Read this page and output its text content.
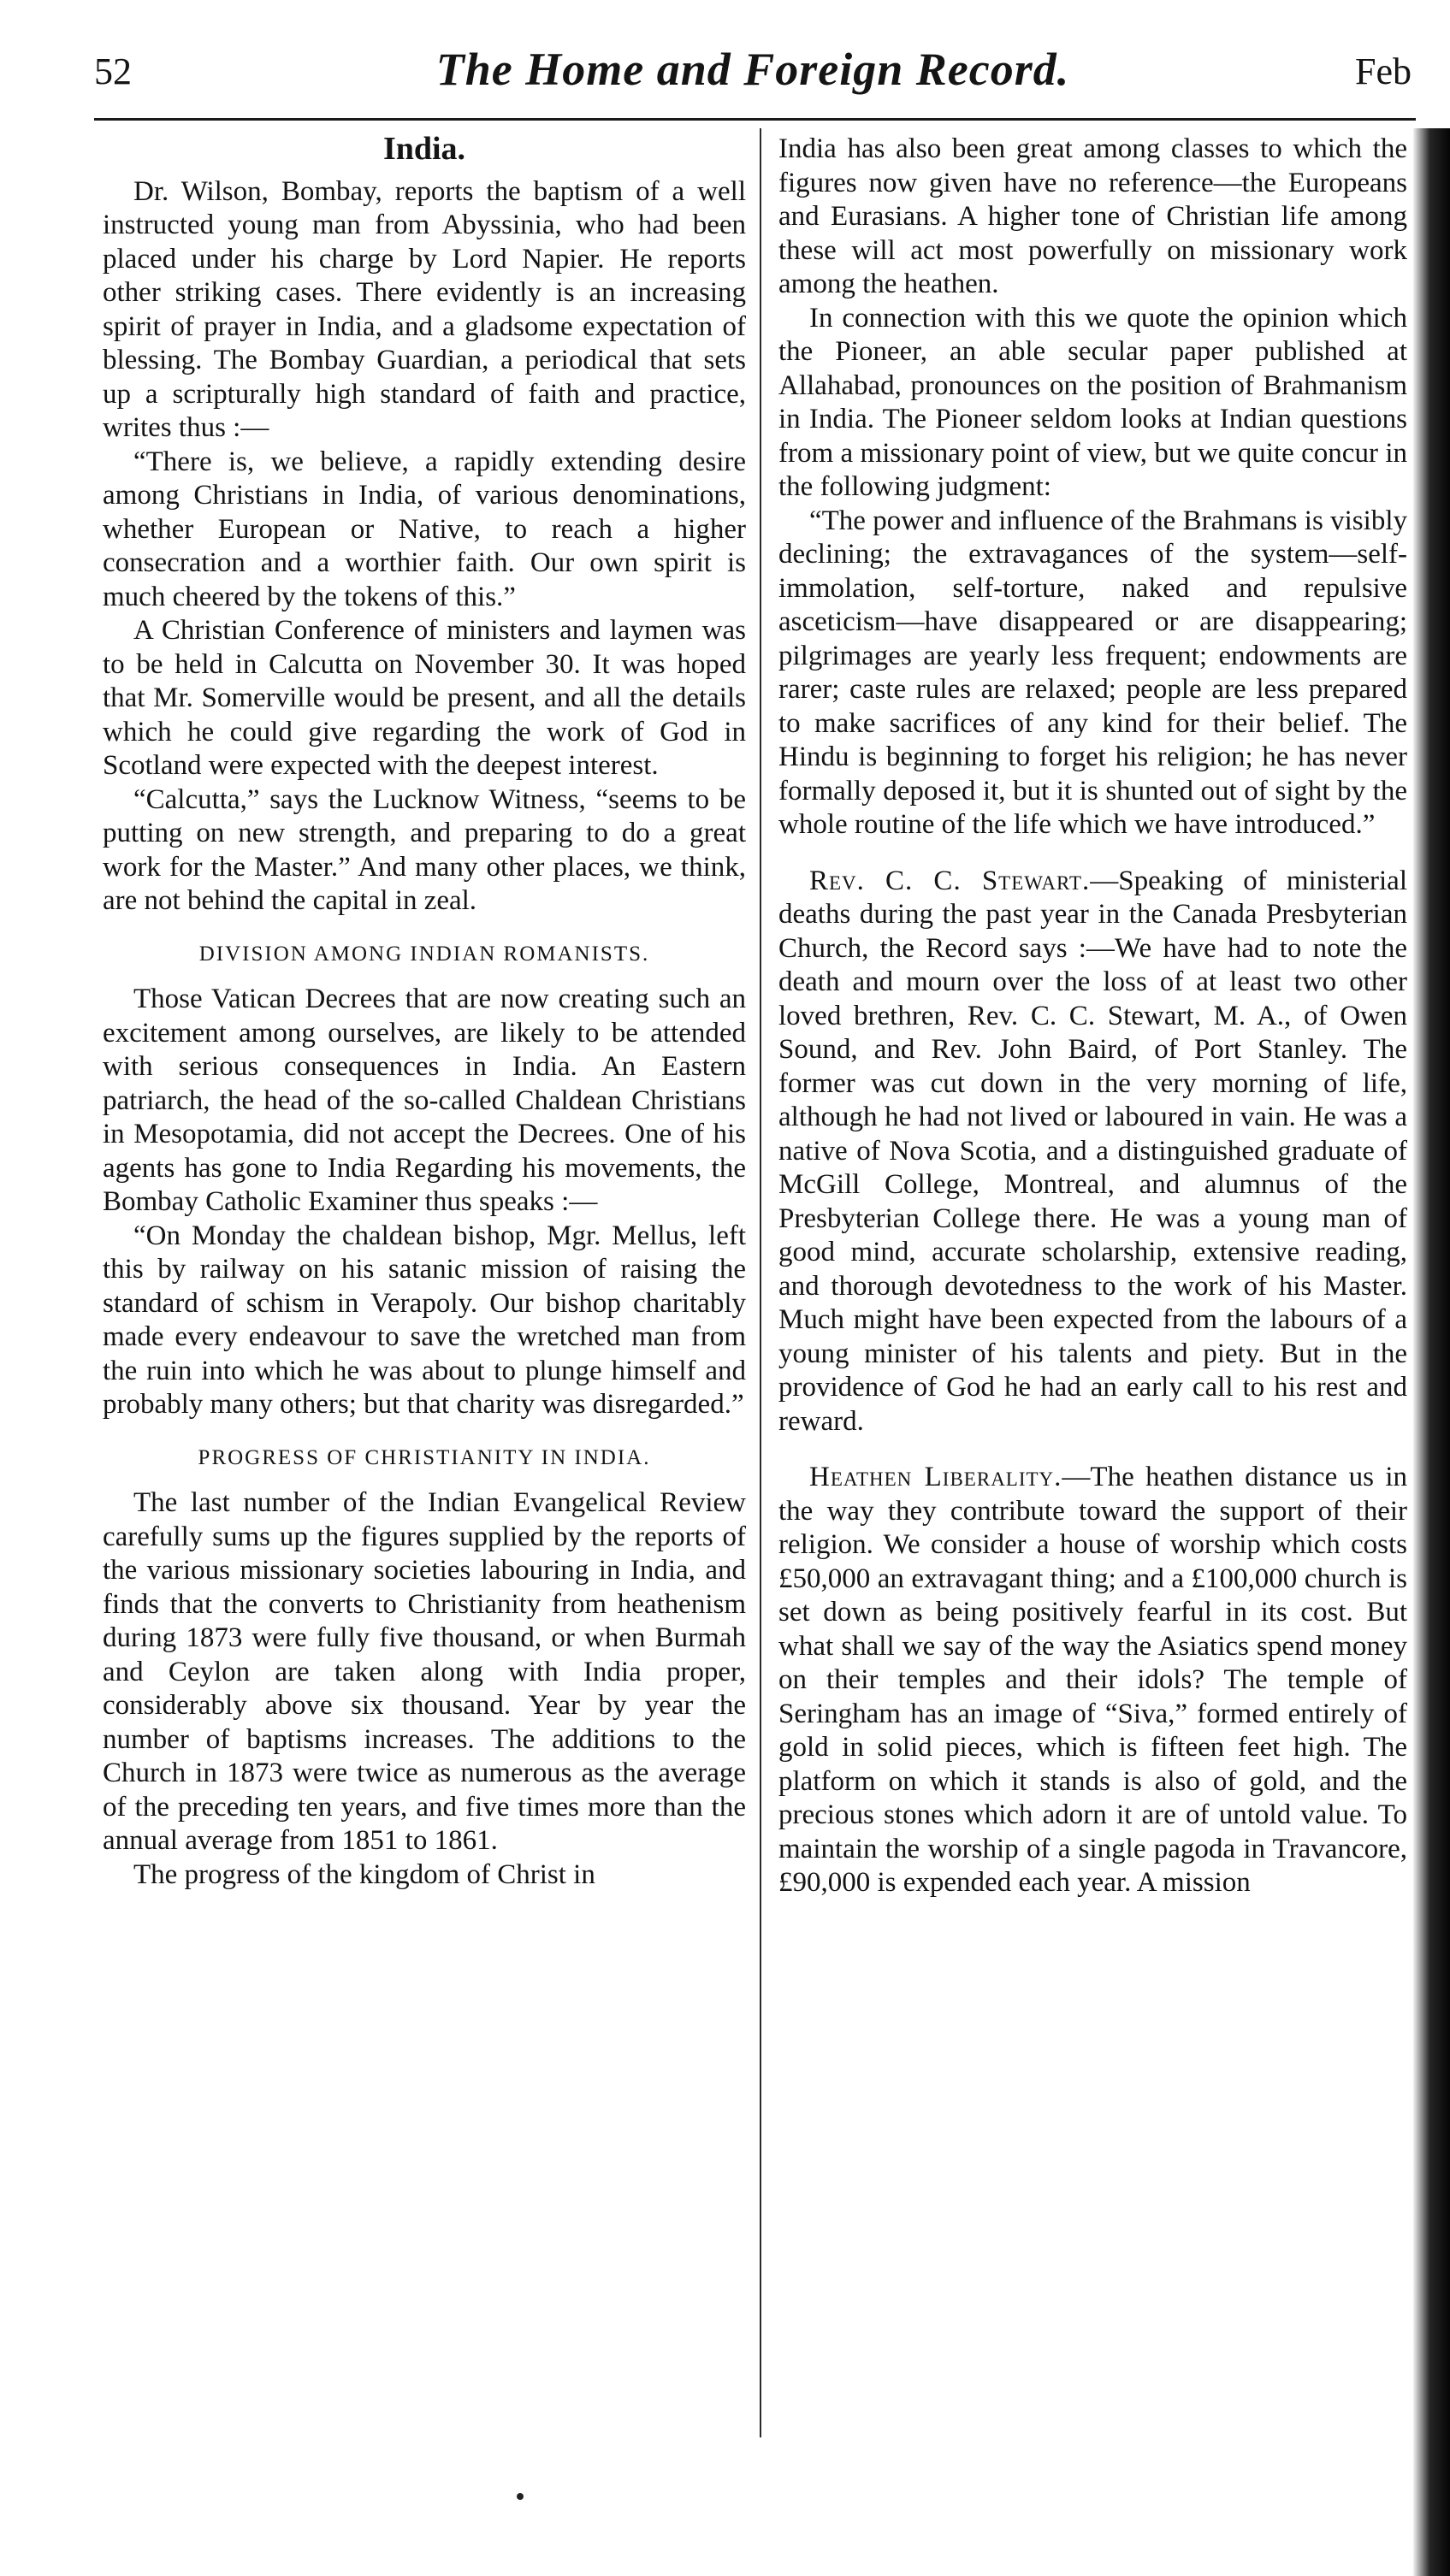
52	The Home and Foreign Record.	Feb
India.

Dr. Wilson, Bombay, reports the baptism of a well instructed young man from Abyssinia, who had been placed under his charge by Lord Napier. He reports other striking cases. There evidently is an increasing spirit of prayer in India, and a gladsome expectation of blessing. The Bombay Guardian, a periodical that sets up a scripturally high standard of faith and practice, writes thus :—

“There is, we believe, a rapidly extending desire among Christians in India, of various denominations, whether European or Native, to reach a higher consecration and a worthier faith. Our own spirit is much cheered by the tokens of this.”

A Christian Conference of ministers and laymen was to be held in Calcutta on November 30. It was hoped that Mr. Somerville would be present, and all the details which he could give regarding the work of God in Scotland were expected with the deepest interest.

“Calcutta,” says the Lucknow Witness, “seems to be putting on new strength, and preparing to do a great work for the Master.” And many other places, we think, are not behind the capital in zeal.

DIVISION AMONG INDIAN ROMANISTS.

Those Vatican Decrees that are now creating such an excitement among ourselves, are likely to be attended with serious consequences in India. An Eastern patriarch, the head of the so-called Chaldean Christians in Mesopotamia, did not accept the Decrees. One of his agents has gone to India Regarding his movements, the Bombay Catholic Examiner thus speaks :—

“On Monday the chaldean bishop, Mgr. Mellus, left this by railway on his satanic mission of raising the standard of schism in Verapoly. Our bishop charitably made every endeavour to save the wretched man from the ruin into which he was about to plunge himself and probably many others; but that charity was disregarded.”

PROGRESS OF CHRISTIANITY IN INDIA.

The last number of the Indian Evangelical Review carefully sums up the figures supplied by the reports of the various missionary societies labouring in India, and finds that the converts to Christianity from heathenism during 1873 were fully five thousand, or when Burmah and Ceylon are taken along with India proper, considerably above six thousand. Year by year the number of baptisms increases. The additions to the Church in 1873 were twice as numerous as the average of the preceding ten years, and five times more than the annual average from 1851 to 1861.

The progress of the kingdom of Christ in

India has also been great among classes to which the figures now given have no reference—the Europeans and Eurasians. A higher tone of Christian life among these will act most powerfully on missionary work among the heathen.

In connection with this we quote the opinion which the Pioneer, an able secular paper published at Allahabad, pronounces on the position of Brahmanism in India. The Pioneer seldom looks at Indian questions from a missionary point of view, but we quite concur in the following judgment:

“The power and influence of the Brahmans is visibly declining; the extravagances of the system—self-immolation, self-torture, naked and repulsive asceticism—have disappeared or are disappearing; pilgrimages are yearly less frequent; endowments are rarer; caste rules are relaxed; people are less prepared to make sacrifices of any kind for their belief. The Hindu is beginning to forget his religion; he has never formally deposed it, but it is shunted out of sight by the whole routine of the life which we have introduced.”

Rev. C. C. Stewart.—Speaking of ministerial deaths during the past year in the Canada Presbyterian Church, the Record says :—We have had to note the death and mourn over the loss of at least two other loved brethren, Rev. C. C. Stewart, M. A., of Owen Sound, and Rev. John Baird, of Port Stanley. The former was cut down in the very morning of life, although he had not lived or laboured in vain. He was a native of Nova Scotia, and a distinguished graduate of McGill College, Montreal, and alumnus of the Presbyterian College there. He was a young man of good mind, accurate scholarship, extensive reading, and thorough devotedness to the work of his Master. Much might have been expected from the labours of a young minister of his talents and piety. But in the providence of God he had an early call to his rest and reward.

Heathen Liberality.—The heathen distance us in the way they contribute toward the support of their religion. We consider a house of worship which costs £50,000 an extravagant thing; and a £100,000 church is set down as being positively fearful in its cost. But what shall we say of the way the Asiatics spend money on their temples and their idols? The temple of Seringham has an image of “Siva,” formed entirely of gold in solid pieces, which is fifteen feet high. The platform on which it stands is also of gold, and the precious stones which adorn it are of untold value. To maintain the worship of a single pagoda in Travancore, £90,000 is expended each year. A mission
